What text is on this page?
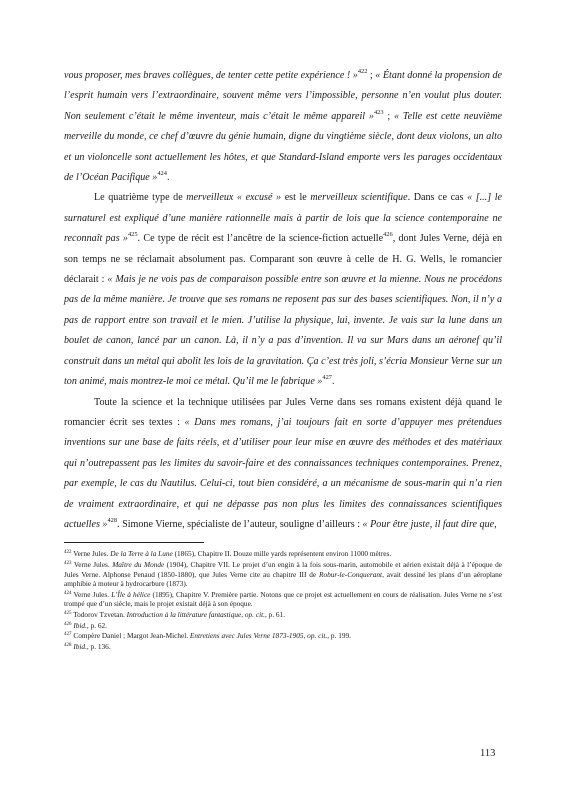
vous proposer, mes braves collègues, de tenter cette petite expérience ! »$^{422}$ ; « Étant donné la propension de l’esprit humain vers l’extraordinaire, souvent même vers l’impossible, personne n’en voulut plus douter. Non seulement c’était le même inventeur, mais c’était le même appareil »$^{423}$ ; « Telle est cette neuvième merveille du monde, ce chef d’œuvre du génie humain, digne du vingtième siècle, dont deux violons, un alto et un violoncelle sont actuellement les hôtes, et que Standard-Island emporte vers les parages occidentaux de l’Océan Pacifique »$^{424}$.

Le quatrième type de merveilleux « excusé » est le merveilleux scientifique. Dans ce cas « [...] le surnaturel est expliqué d’une manière rationnelle mais à partir de lois que la science contemporaine ne reconnaît pas »$^{425}$. Ce type de récit est l’ancêtre de la science-fiction actuelle$^{426}$, dont Jules Verne, déjà en son temps ne se réclamait absolument pas. Comparant son œuvre à celle de H. G. Wells, le romancier déclarait : « Mais je ne vois pas de comparaison possible entre son œuvre et la mienne. Nous ne procédons pas de la même manière. Je trouve que ses romans ne reposent pas sur des bases scientifiques. Non, il n’y a pas de rapport entre son travail et le mien. J’utilise la physique, lui, invente. Je vais sur la lune dans un boulet de canon, lancé par un canon. Là, il n’y a pas d’invention. Il va sur Mars dans un aéronef qu’il construit dans un métal qui abolit les lois de la gravitation. Ça c’est très joli, s’écria Monsieur Verne sur un ton animé, mais montrez-le moi ce métal. Qu’il me le fabrique »$^{427}$.

Toute la science et la technique utilisées par Jules Verne dans ses romans existent déjà quand le romancier écrit ses textes : « Dans mes romans, j’ai toujours fait en sorte d’appuyer mes prétendues inventions sur une base de faits réels, et d’utiliser pour leur mise en œuvre des méthodes et des matériaux qui n’outrepassent pas les limites du savoir-faire et des connaissances techniques contemporaines. Prenez, par exemple, le cas du Nautilus. Celui-ci, tout bien considéré, a un mécanisme de sous-marin qui n’a rien de vraiment extraordinaire, et qui ne dépasse pas non plus les limites des connaissances scientifiques actuelles »$^{428}$. Simone Vierne, spécialiste de l’auteur, souligne d’ailleurs : « Pour être juste, il faut dire que,

$^{422}$ Verne Jules. De la Terre à la Lune (1865), Chapitre II. Douze mille yards représentent environ 11000 mètres.

$^{423}$ Verne Jules. Maître du Monde (1904), Chapitre VII. Le projet d’un engin à la fois sous-marin, automobile et aérien existait déjà à l’époque de Jules Verne. Alphonse Penaud (1850-1880), que Jules Verne cite au chapitre III de Robur-le-Conquerant, avait dessiné les plans d’un aéroplane amphibie à moteur à hydrocarbure (1873).

$^{424}$ Verne Jules. L’Île à hélice (1895), Chapitre V. Première partie. Notons que ce projet est actuellement en cours de réalisation. Jules Verne ne s’est trompé que d’un siècle, mais le projet existait déjà à son époque.

$^{425}$ Todorov Tzvetan. Introduction à la littérature fantastique, op. cit., p. 61.

$^{426}$ Ibid., p. 62.

$^{427}$ Compère Daniel ; Margot Jean-Michel. Entretiens avec Jules Verne 1873-1905, op. cit., p. 199.

$^{428}$ Ibid., p. 136.

113
